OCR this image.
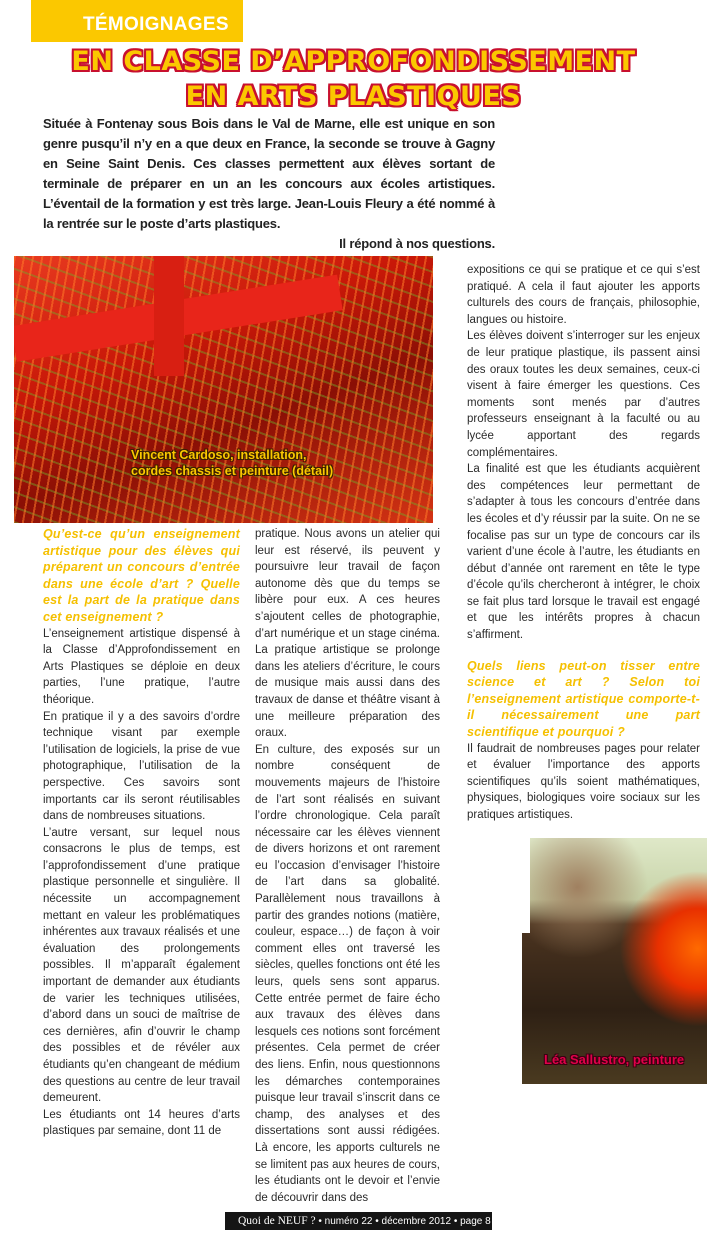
TÉMOIGNAGES
EN CLASSE D’APPROFONDISSEMENT
EN ARTS PLASTIQUES
Située à Fontenay sous Bois dans le Val de Marne, elle est unique en son genre pusqu’il n’y en a que deux en France, la seconde se trouve à Gagny en Seine Saint Denis. Ces classes permettent aux élèves sortant de terminale de préparer en un an les concours aux écoles artistiques. L’éventail de la formation y est très large. Jean-Louis Fleury a été nommé à la rentrée sur le poste d’arts plastiques.
Il répond à nos questions.
Vincent Cardoso, installation,
cordes chassis et peinture (détail)

Qu’est-ce qu’un enseignement artistique pour des élèves qui préparent un concours d’entrée dans une école d’art ? Quelle est la part de la pratique dans cet enseignement ?

L’enseignement artistique dispensé à la Classe d’Approfondissement en Arts Plastiques se déploie en deux parties, l’une pratique, l’autre théorique.

En pratique il y a des savoirs d’ordre technique visant par exemple l’utilisation de logiciels, la prise de vue photographique, l’utilisation de la perspective. Ces savoirs sont importants car ils seront réutilisables dans de nombreuses situations.

L’autre versant, sur lequel nous consacrons le plus de temps, est l’approfondissement d’une pratique plastique personnelle et singulière. Il nécessite un accompagnement mettant en valeur les problématiques inhérentes aux travaux réalisés et une évaluation des prolongements possibles. Il m’apparaît également important de demander aux étudiants de varier les techniques utilisées, d’abord dans un souci de maîtrise de ces dernières, afin d’ouvrir le champ des possibles et de révéler aux étudiants qu’en changeant de médium des questions au centre de leur travail demeurent.

Les étudiants ont 14 heures d’arts plastiques par semaine, dont 11 de

pratique. Nous avons un atelier qui leur est réservé, ils peuvent y poursuivre leur travail de façon autonome dès que du temps se libère pour eux. A ces heures s’ajoutent celles de photographie, d’art numérique et un stage cinéma. La pratique artistique se prolonge dans les ateliers d’écriture, le cours de musique mais aussi dans des travaux de danse et théâtre visant à une meilleure préparation des oraux.

En culture, des exposés sur un nombre conséquent de mouvements majeurs de l’histoire de l’art sont réalisés en suivant l’ordre chronologique. Cela paraît nécessaire car les élèves viennent de divers horizons et ont rarement eu l’occasion d’envisager l’histoire de l’art dans sa globalité. Parallèlement nous travaillons à partir des grandes notions (matière, couleur, espace…) de façon à voir comment elles ont traversé les siècles, quelles fonctions ont été les leurs, quels sens sont apparus. Cette entrée permet de faire écho aux travaux des élèves dans lesquels ces notions sont forcément présentes. Cela permet de créer des liens. Enfin, nous questionnons les démarches contemporaines puisque leur travail s’inscrit dans ce champ, des analyses et des dissertations sont aussi rédigées. Là encore, les apports culturels ne se limitent pas aux heures de cours, les étudiants ont le devoir et l’envie de découvrir dans des

expositions ce qui se pratique et ce qui s’est pratiqué. A cela il faut ajouter les apports culturels des cours de français, philosophie, langues ou histoire.

Les élèves doivent s’interroger sur les enjeux de leur pratique plastique, ils passent ainsi des oraux toutes les deux semaines, ceux-ci visent à faire émerger les questions. Ces moments sont menés par d’autres professeurs enseignant à la faculté ou au lycée apportant des regards complémentaires.

La finalité est que les étudiants acquièrent des compétences leur permettant de s’adapter à tous les concours d’entrée dans les écoles et d’y réussir par la suite. On ne se focalise pas sur un type de concours car ils varient d’une école à l’autre, les étudiants en début d’année ont rarement en tête le type d’école qu’ils chercheront à intégrer, le choix se fait plus tard lorsque le travail est engagé et que les intérêts propres à chacun s’affirment.

Quels liens peut-on tisser entre science et art ? Selon toi l’enseignement artistique comporte-t-il nécessairement une part scientifique et pourquoi ?

Il faudrait de nombreuses pages pour relater et évaluer l’importance des apports scientifiques qu’ils soient mathématiques, physiques, biologiques voire sociaux sur les pratiques artistiques.

Léa Sallustro, peinture
Quoi de NEUF ? • numéro 22 • décembre 2012 • page 8
